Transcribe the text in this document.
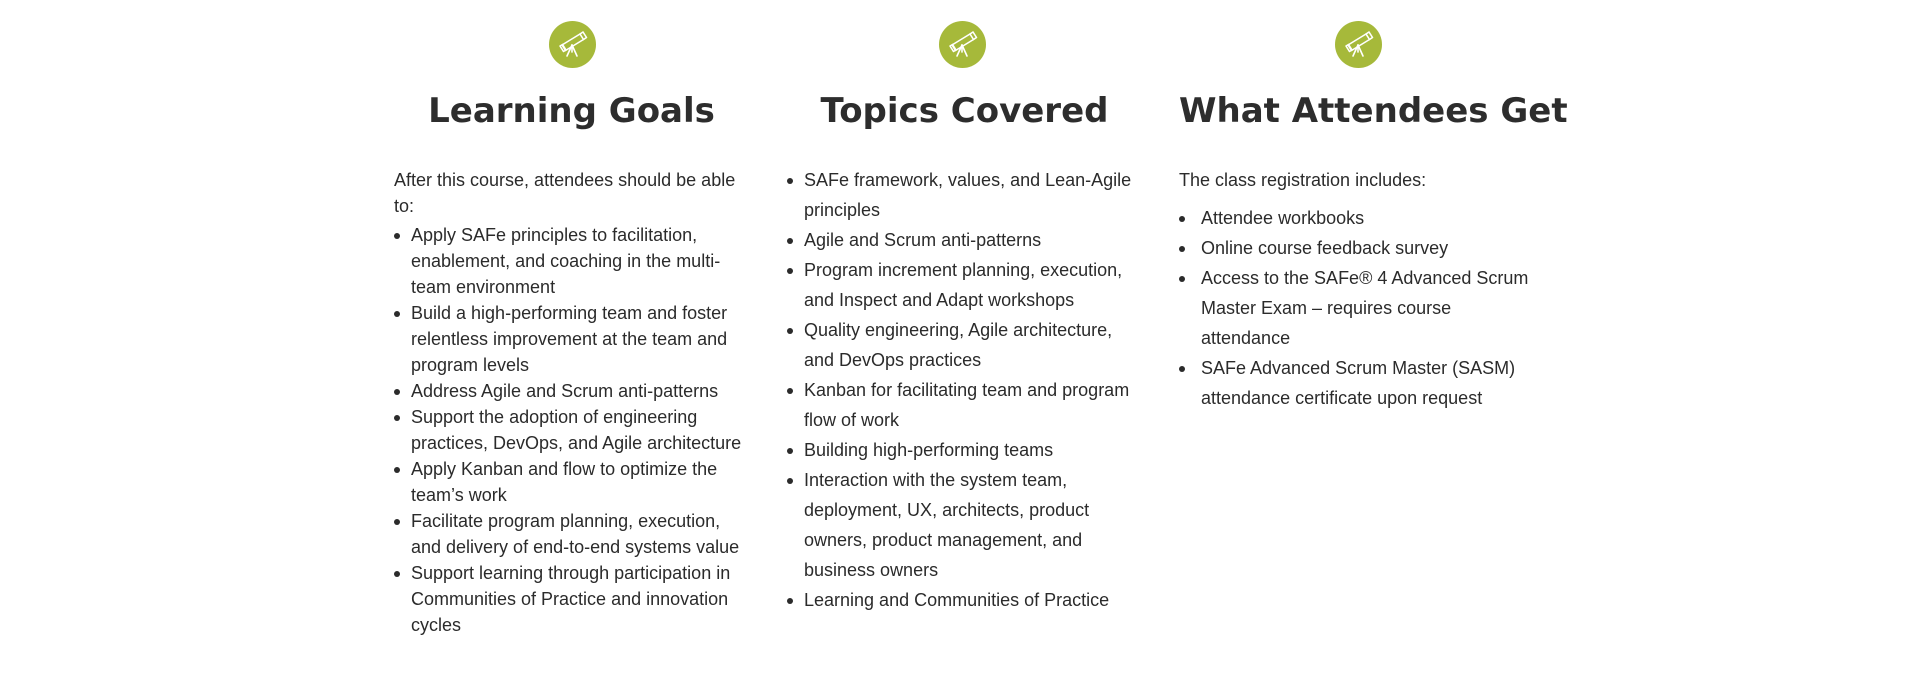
Learning Goals

After this course, attendees should be able to:

Apply SAFe principles to facilitation, enablement, and coaching in the multi-team environment
Build a high-performing team and foster relentless improvement at the team and program levels
Address Agile and Scrum anti-patterns
Support the adoption of engineering practices, DevOps, and Agile architecture
Apply Kanban and flow to optimize the team’s work
Facilitate program planning, execution, and delivery of end-to-end systems value
Support learning through participation in Communities of Practice and innovation cycles
Topics Covered
SAFe framework, values, and Lean-Agile principles
Agile and Scrum anti-patterns
Program increment planning, execution, and Inspect and Adapt workshops
Quality engineering, Agile architecture, and DevOps practices
Kanban for facilitating team and program flow of work
Building high-performing teams
Interaction with the system team, deployment, UX, architects, product owners, product management, and business owners
Learning and Communities of Practice
What Attendees Get

The class registration includes:

Attendee workbooks
Online course feedback survey
Access to the SAFe® 4 Advanced Scrum Master Exam – requires course attendance
SAFe Advanced Scrum Master (SASM) attendance certificate upon request
